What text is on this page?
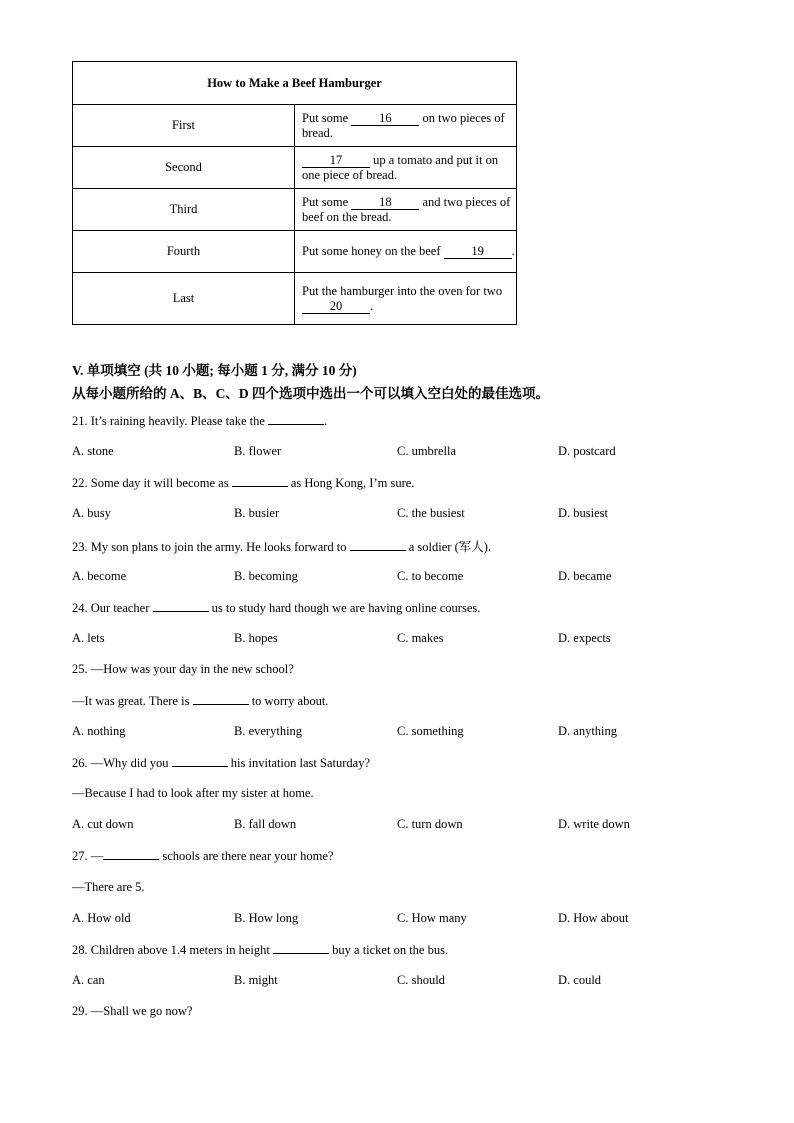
How to Make a Beef Hamburger	
First	Put some 16 on two pieces of bread.
Second	17 up a tomato and put it on one piece of bread.
Third	Put some 18 and two pieces of beef on the bread.
Fourth	Put some honey on the beef 19 .
Last	Put the hamburger into the oven for two 20 .
V. 单项填空 (共 10 小题; 每小题 1 分, 满分 10 分)
从每小题所给的 A、B、C、D 四个选项中选出一个可以填入空白处的最佳选项。
21. It’s raining heavily. Please take the	.
A. stone	B. flower	C. umbrella	D. postcard
22. Some day it will become as	as Hong Kong, I’m sure.
A. busy	B. busier	C. the busiest	D. busiest
23. My son plans to join the army. He looks forward to	a soldier (军人).
A. become	B. becoming	C. to become	D. became
24. Our teacher	us to study hard though we are having online courses.
A. lets	B. hopes	C. makes	D. expects
25. —How was your day in the new school?
—It was great. There is	to worry about.
A. nothing	B. everything	C. something	D. anything
26. —Why did you	his invitation last Saturday?
—Because I had to look after my sister at home.
A. cut down	B. fall down	C. turn down	D. write down
27. —	schools are there near your home?
—There are 5.
A. How old	B. How long	C. How many	D. How about
28. Children above 1.4 meters in height	buy a ticket on the bus.
A. can	B. might	C. should	D. could
29. —Shall we go now?
